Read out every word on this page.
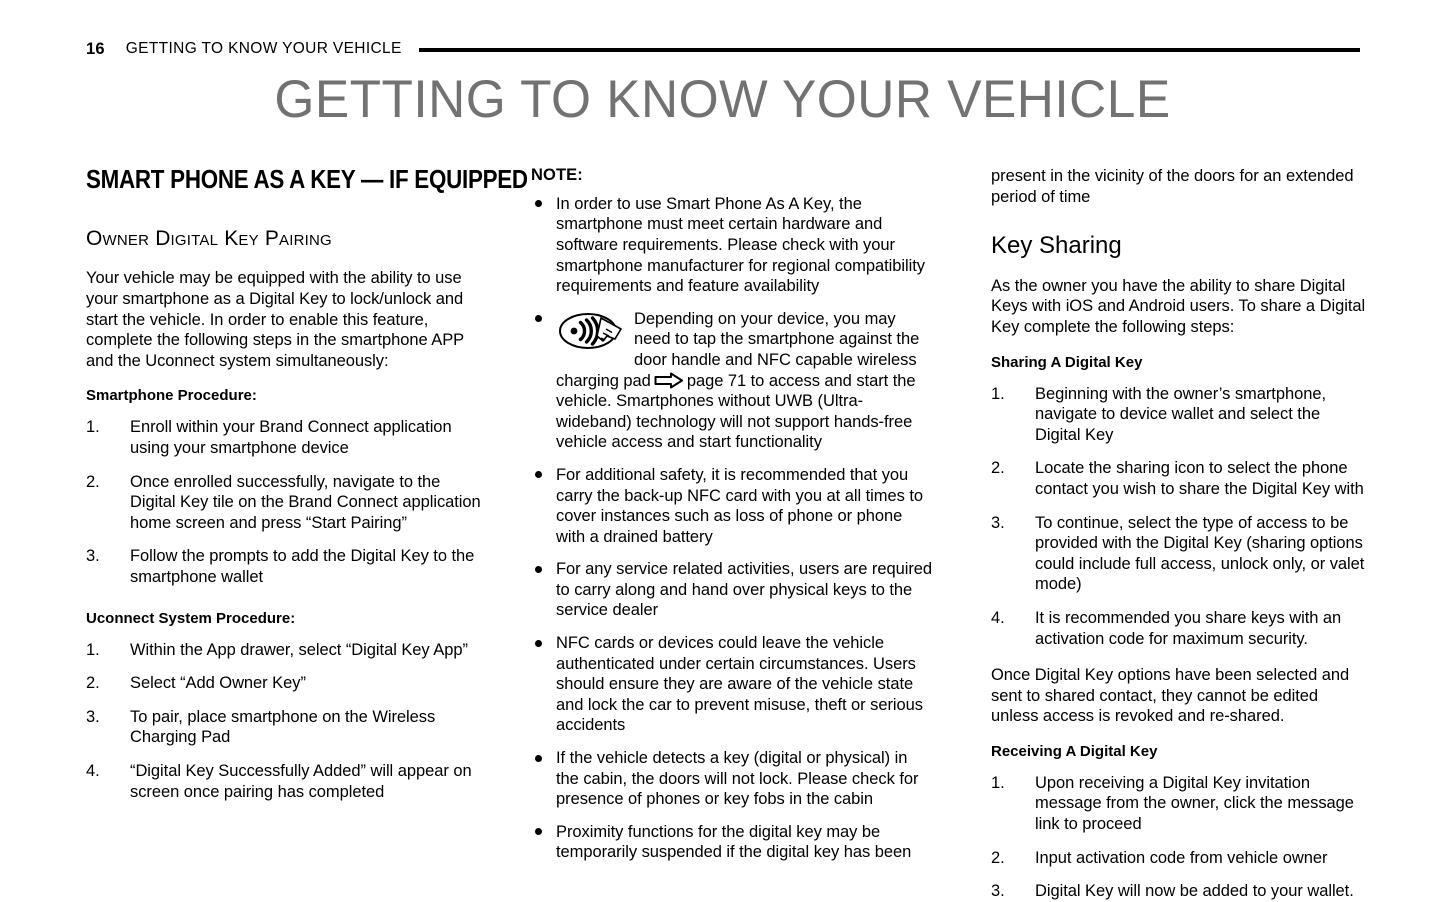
16 GETTING TO KNOW YOUR VEHICLE
GETTING TO KNOW YOUR VEHICLE
SMART PHONE AS A KEY — IF EQUIPPED
Owner Digital Key Pairing

Your vehicle may be equipped with the ability to use your smartphone as a Digital Key to lock/unlock and start the vehicle. In order to enable this feature, complete the following steps in the smartphone APP and the Uconnect system simultaneously:

Smartphone Procedure:
1.	Enroll within your Brand Connect application using your smartphone device
2.	Once enrolled successfully, navigate to the Digital Key tile on the Brand Connect application home screen and press “Start Pairing”
3.	Follow the prompts to add the Digital Key to the smartphone wallet
Uconnect System Procedure:
1.	Within the App drawer, select “Digital Key App”
2.	Select “Add Owner Key”
3.	To pair, place smartphone on the Wireless Charging Pad
4.	“Digital Key Successfully Added” will appear on screen once pairing has completed
NOTE:
In order to use Smart Phone As A Key, the smartphone must meet certain hardware and software requirements. Please check with your smartphone manufacturer for regional compatibility requirements and feature availability
Depending on your device, you may need to tap the smartphone against the door handle and NFC capable wireless charging pad page 71 to access and start the vehicle. Smartphones without UWB (Ultra-wideband) technology will not support hands-free vehicle access and start functionality
For additional safety, it is recommended that you carry the back-up NFC card with you at all times to cover instances such as loss of phone or phone with a drained battery
For any service related activities, users are required to carry along and hand over physical keys to the service dealer
NFC cards or devices could leave the vehicle authenticated under certain circumstances. Users should ensure they are aware of the vehicle state and lock the car to prevent misuse, theft or serious accidents
If the vehicle detects a key (digital or physical) in the cabin, the doors will not lock. Please check for presence of phones or key fobs in the cabin
Proximity functions for the digital key may be temporarily suspended if the digital key has been

present in the vicinity of the doors for an extended period of time

Key Sharing

As the owner you have the ability to share Digital Keys with iOS and Android users. To share a Digital Key complete the following steps:

Sharing A Digital Key
1.	Beginning with the owner’s smartphone, navigate to device wallet and select the Digital Key
2.	Locate the sharing icon to select the phone contact you wish to share the Digital Key with
3.	To continue, select the type of access to be provided with the Digital Key (sharing options could include full access, unlock only, or valet mode)
4.	It is recommended you share keys with an activation code for maximum security.

Once Digital Key options have been selected and sent to shared contact, they cannot be edited unless access is revoked and re-shared.

Receiving A Digital Key
1.	Upon receiving a Digital Key invitation message from the owner, click the message link to proceed
2.	Input activation code from vehicle owner
3.	Digital Key will now be added to your wallet.
